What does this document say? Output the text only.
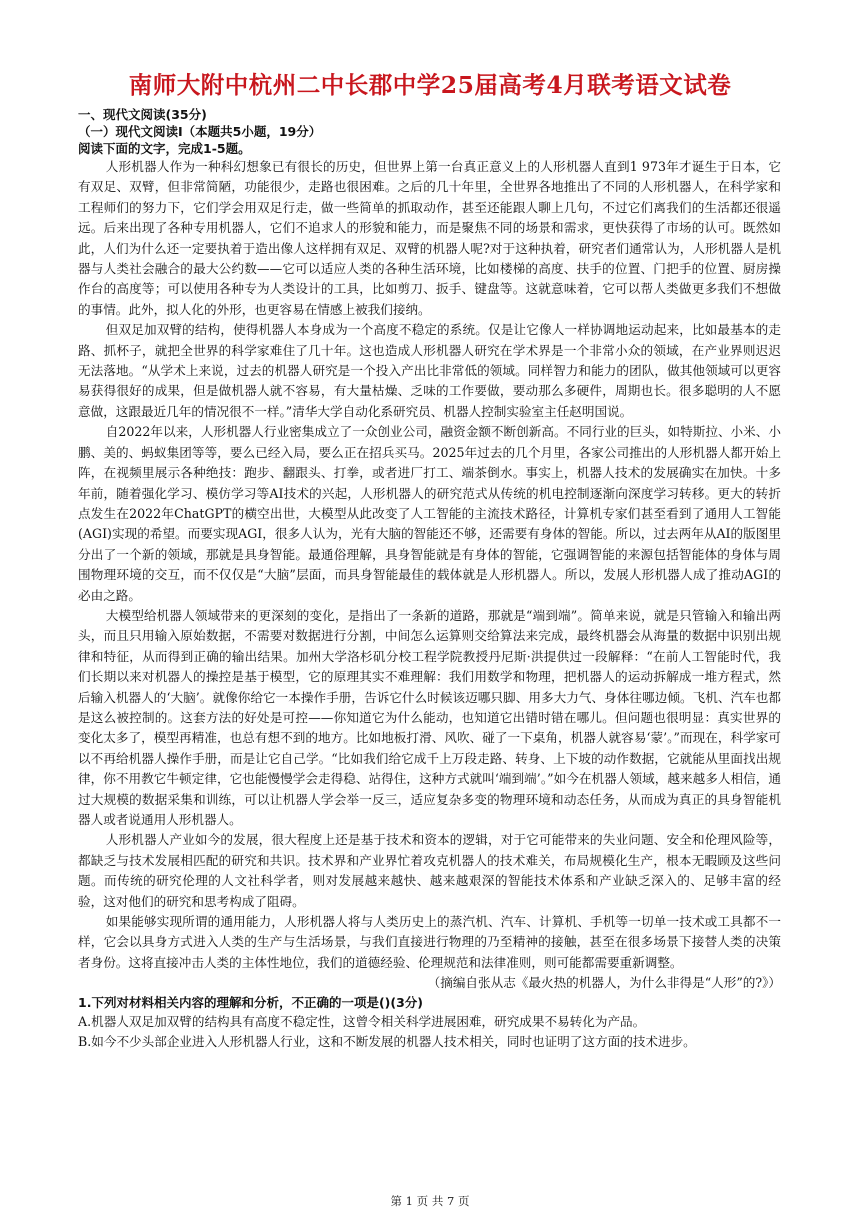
南师大附中杭州二中长郡中学25届高考4月联考语文试卷

一、现代文阅读(35分)

（一）现代文阅读Ⅰ（本题共5小题，19分）

阅读下面的文字，完成1-5题。

人形机器人作为一种科幻想象已有很长的历史，但世界上第一台真正意义上的人形机器人直到1 973年才诞生于日本，它有双足、双臂，但非常简陋，功能很少，走路也很困难。之后的几十年里，全世界各地推出了不同的人形机器人，在科学家和工程师们的努力下，它们学会用双足行走，做一些简单的抓取动作，甚至还能跟人聊上几句，不过它们离我们的生活都还很遥远。后来出现了各种专用机器人，它们不追求人的形貌和能力，而是聚焦不同的场景和需求，更快获得了市场的认可。既然如此，人们为什么还一定要执着于造出像人这样拥有双足、双臂的机器人呢?对于这种执着，研究者们通常认为，人形机器人是机器与人类社会融合的最大公约数——它可以适应人类的各种生活环境，比如楼梯的高度、扶手的位置、门把手的位置、厨房操作台的高度等；可以使用各种专为人类设计的工具，比如剪刀、扳手、键盘等。这就意味着，它可以帮人类做更多我们不想做的事情。此外，拟人化的外形，也更容易在情感上被我们接纳。

但双足加双臂的结构，使得机器人本身成为一个高度不稳定的系统。仅是让它像人一样协调地运动起来，比如最基本的走路、抓杯子，就把全世界的科学家难住了几十年。这也造成人形机器人研究在学术界是一个非常小众的领域，在产业界则迟迟无法落地。“从学术上来说，过去的机器人研究是一个投入产出比非常低的领域。同样智力和能力的团队，做其他领域可以更容易获得很好的成果，但是做机器人就不容易，有大量枯燥、乏味的工作要做，要动那么多硬件，周期也长。很多聪明的人不愿意做，这跟最近几年的情况很不一样。”清华大学自动化系研究员、机器人控制实验室主任赵明国说。

自2022年以来，人形机器人行业密集成立了一众创业公司，融资金额不断创新高。不同行业的巨头，如特斯拉、小米、小鹏、美的、蚂蚁集团等等，要么已经入局，要么正在招兵买马。2025年过去的几个月里，各家公司推出的人形机器人都开始上阵，在视频里展示各种绝技：跑步、翻跟头、打拳，或者进厂打工、端茶倒水。事实上，机器人技术的发展确实在加快。十多年前，随着强化学习、模仿学习等AI技术的兴起，人形机器人的研究范式从传统的机电控制逐渐向深度学习转移。更大的转折点发生在2022年ChatGPT的横空出世，大模型从此改变了人工智能的主流技术路径，计算机专家们甚至看到了通用人工智能(AGI)实现的希望。而要实现AGI，很多人认为，光有大脑的智能还不够，还需要有身体的智能。所以，过去两年从AI的版图里分出了一个新的领域，那就是具身智能。最通俗理解，具身智能就是有身体的智能，它强调智能的来源包括智能体的身体与周围物理环境的交互，而不仅仅是“大脑”层面，而具身智能最佳的载体就是人形机器人。所以，发展人形机器人成了推动AGI的必由之路。

大模型给机器人领域带来的更深刻的变化，是指出了一条新的道路，那就是“端到端”。简单来说，就是只管输入和输出两头，而且只用输入原始数据，不需要对数据进行分割，中间怎么运算则交给算法来完成，最终机器会从海量的数据中识别出规律和特征，从而得到正确的输出结果。加州大学洛杉矶分校工程学院教授丹尼斯·洪提供过一段解释：“在前人工智能时代，我们长期以来对机器人的操控是基于模型，它的原理其实不难理解：我们用数学和物理，把机器人的运动拆解成一堆方程式，然后输入机器人的‘大脑’。就像你给它一本操作手册，告诉它什么时候该迈哪只脚、用多大力气、身体往哪边倾。飞机、汽车也都是这么被控制的。这套方法的好处是可控——你知道它为什么能动，也知道它出错时错在哪儿。但问题也很明显：真实世界的变化太多了，模型再精准，也总有想不到的地方。比如地板打滑、风吹、碰了一下桌角，机器人就容易‘蒙’。”而现在，科学家可以不再给机器人操作手册，而是让它自己学。“比如我们给它成千上万段走路、转身、上下坡的动作数据，它就能从里面找出规律，你不用教它牛顿定律，它也能慢慢学会走得稳、站得住，这种方式就叫‘端到端’。”如今在机器人领域，越来越多人相信，通过大规模的数据采集和训练，可以让机器人学会举一反三，适应复杂多变的物理环境和动态任务，从而成为真正的具身智能机器人或者说通用人形机器人。

人形机器人产业如今的发展，很大程度上还是基于技术和资本的逻辑，对于它可能带来的失业问题、安全和伦理风险等，都缺乏与技术发展相匹配的研究和共识。技术界和产业界忙着攻克机器人的技术难关，布局规模化生产，根本无暇顾及这些问题。而传统的研究伦理的人文社科学者，则对发展越来越快、越来越艰深的智能技术体系和产业缺乏深入的、足够丰富的经验，这对他们的研究和思考构成了阻碍。

如果能够实现所谓的通用能力，人形机器人将与人类历史上的蒸汽机、汽车、计算机、手机等一切单一技术或工具都不一样，它会以具身方式进入人类的生产与生活场景，与我们直接进行物理的乃至精神的接触，甚至在很多场景下接替人类的决策者身份。这将直接冲击人类的主体性地位，我们的道德经验、伦理规范和法律准则，则可能都需要重新调整。

（摘编自张从志《最火热的机器人，为什么非得是“人形”的?》）

1.下列对材料相关内容的理解和分析，不正确的一项是()(3分)

A.机器人双足加双臂的结构具有高度不稳定性，这曾令相关科学进展困难，研究成果不易转化为产品。

B.如今不少头部企业进入人形机器人行业，这和不断发展的机器人技术相关，同时也证明了这方面的技术进步。

第 1 页 共 7 页
